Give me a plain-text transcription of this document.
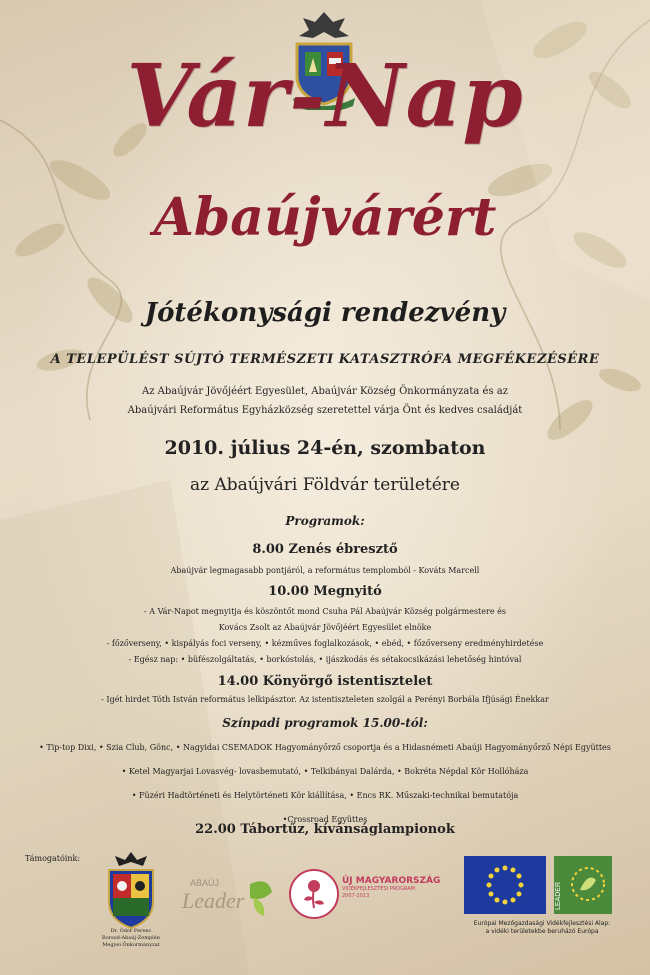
Vár-Nap
Abaújvárért
Jótékonysági rendezvény
A TELEPÜLÉST SÚJTÓ TERMÉSZETI KATASZTRÓFA MEGFÉKEZÉSÉRE
Az Abaújvár Jövőjéért Egyesület, Abaújvár Község Önkormányzata és az
Abaújvári Református Egyházközség szeretettel várja Önt és kedves családját
2010. július 24-én, szombaton
az Abaújvári Földvár területére
Programok:
8.00 Zenés ébresztő
Abaújvár legmagasabb pontjáról, a református templomból - Kováts Marcell
10.00 Megnyitó
- A Vár-Napot megnyitja és köszöntőt mond Csuha Pál Abaújvár Község polgármestere és
Kovács Zsolt az Abaújvár Jövőjéért Egyesület elnöke
- főzőverseny, • kispályás foci verseny, • kézműves foglalkozások, • ebéd, • főzőverseny eredményhirdetése
- Egész nap: • büfészolgáltatás, • borkóstolás, • ijászkodás és sétakocsikázási lehetőség hintóval
14.00 Könyörgő istentisztelet
- Igét hirdet Tóth István református lelkipásztor. Az istentiszteleten szolgál a Perényi Borbála Ifjúsági Énekkar
Színpadi programok 15.00-tól:
• Tip-top Dixi, • Szia Club, Gönc, • Nagyidai CSEMADOK Hagyományőrző csoportja és a Hidasnémeti Abaúji Hagyományőrző Népi Együttes
• Ketel Magyarjai Lovasvég- lovasbemutató, • Telkibányai Dalárda, • Bokréta Népdal Kör Hollóháza
• Füzéri Hadtörténeti és Helytörténeti Kör kiállítása, • Encs RK. Műszaki-technikai bemutatója
•Crossroad Együttes
22.00 Tábortűz, kívánságlampionok
Támogatóink:
Dr. Ódor Ferenc
Borsod-Abaúj-Zemplén
Megyei Önkormányzat
ABAÚJ
Leader
ÚJ MAGYARORSZÁG
VIDÉKFEJLESZTÉSI PROGRAM
2007-2013	LEADER
Európai Mezőgazdasági Vidékfejlesztési Alap:
a vidéki területekbe beruházó Európa
